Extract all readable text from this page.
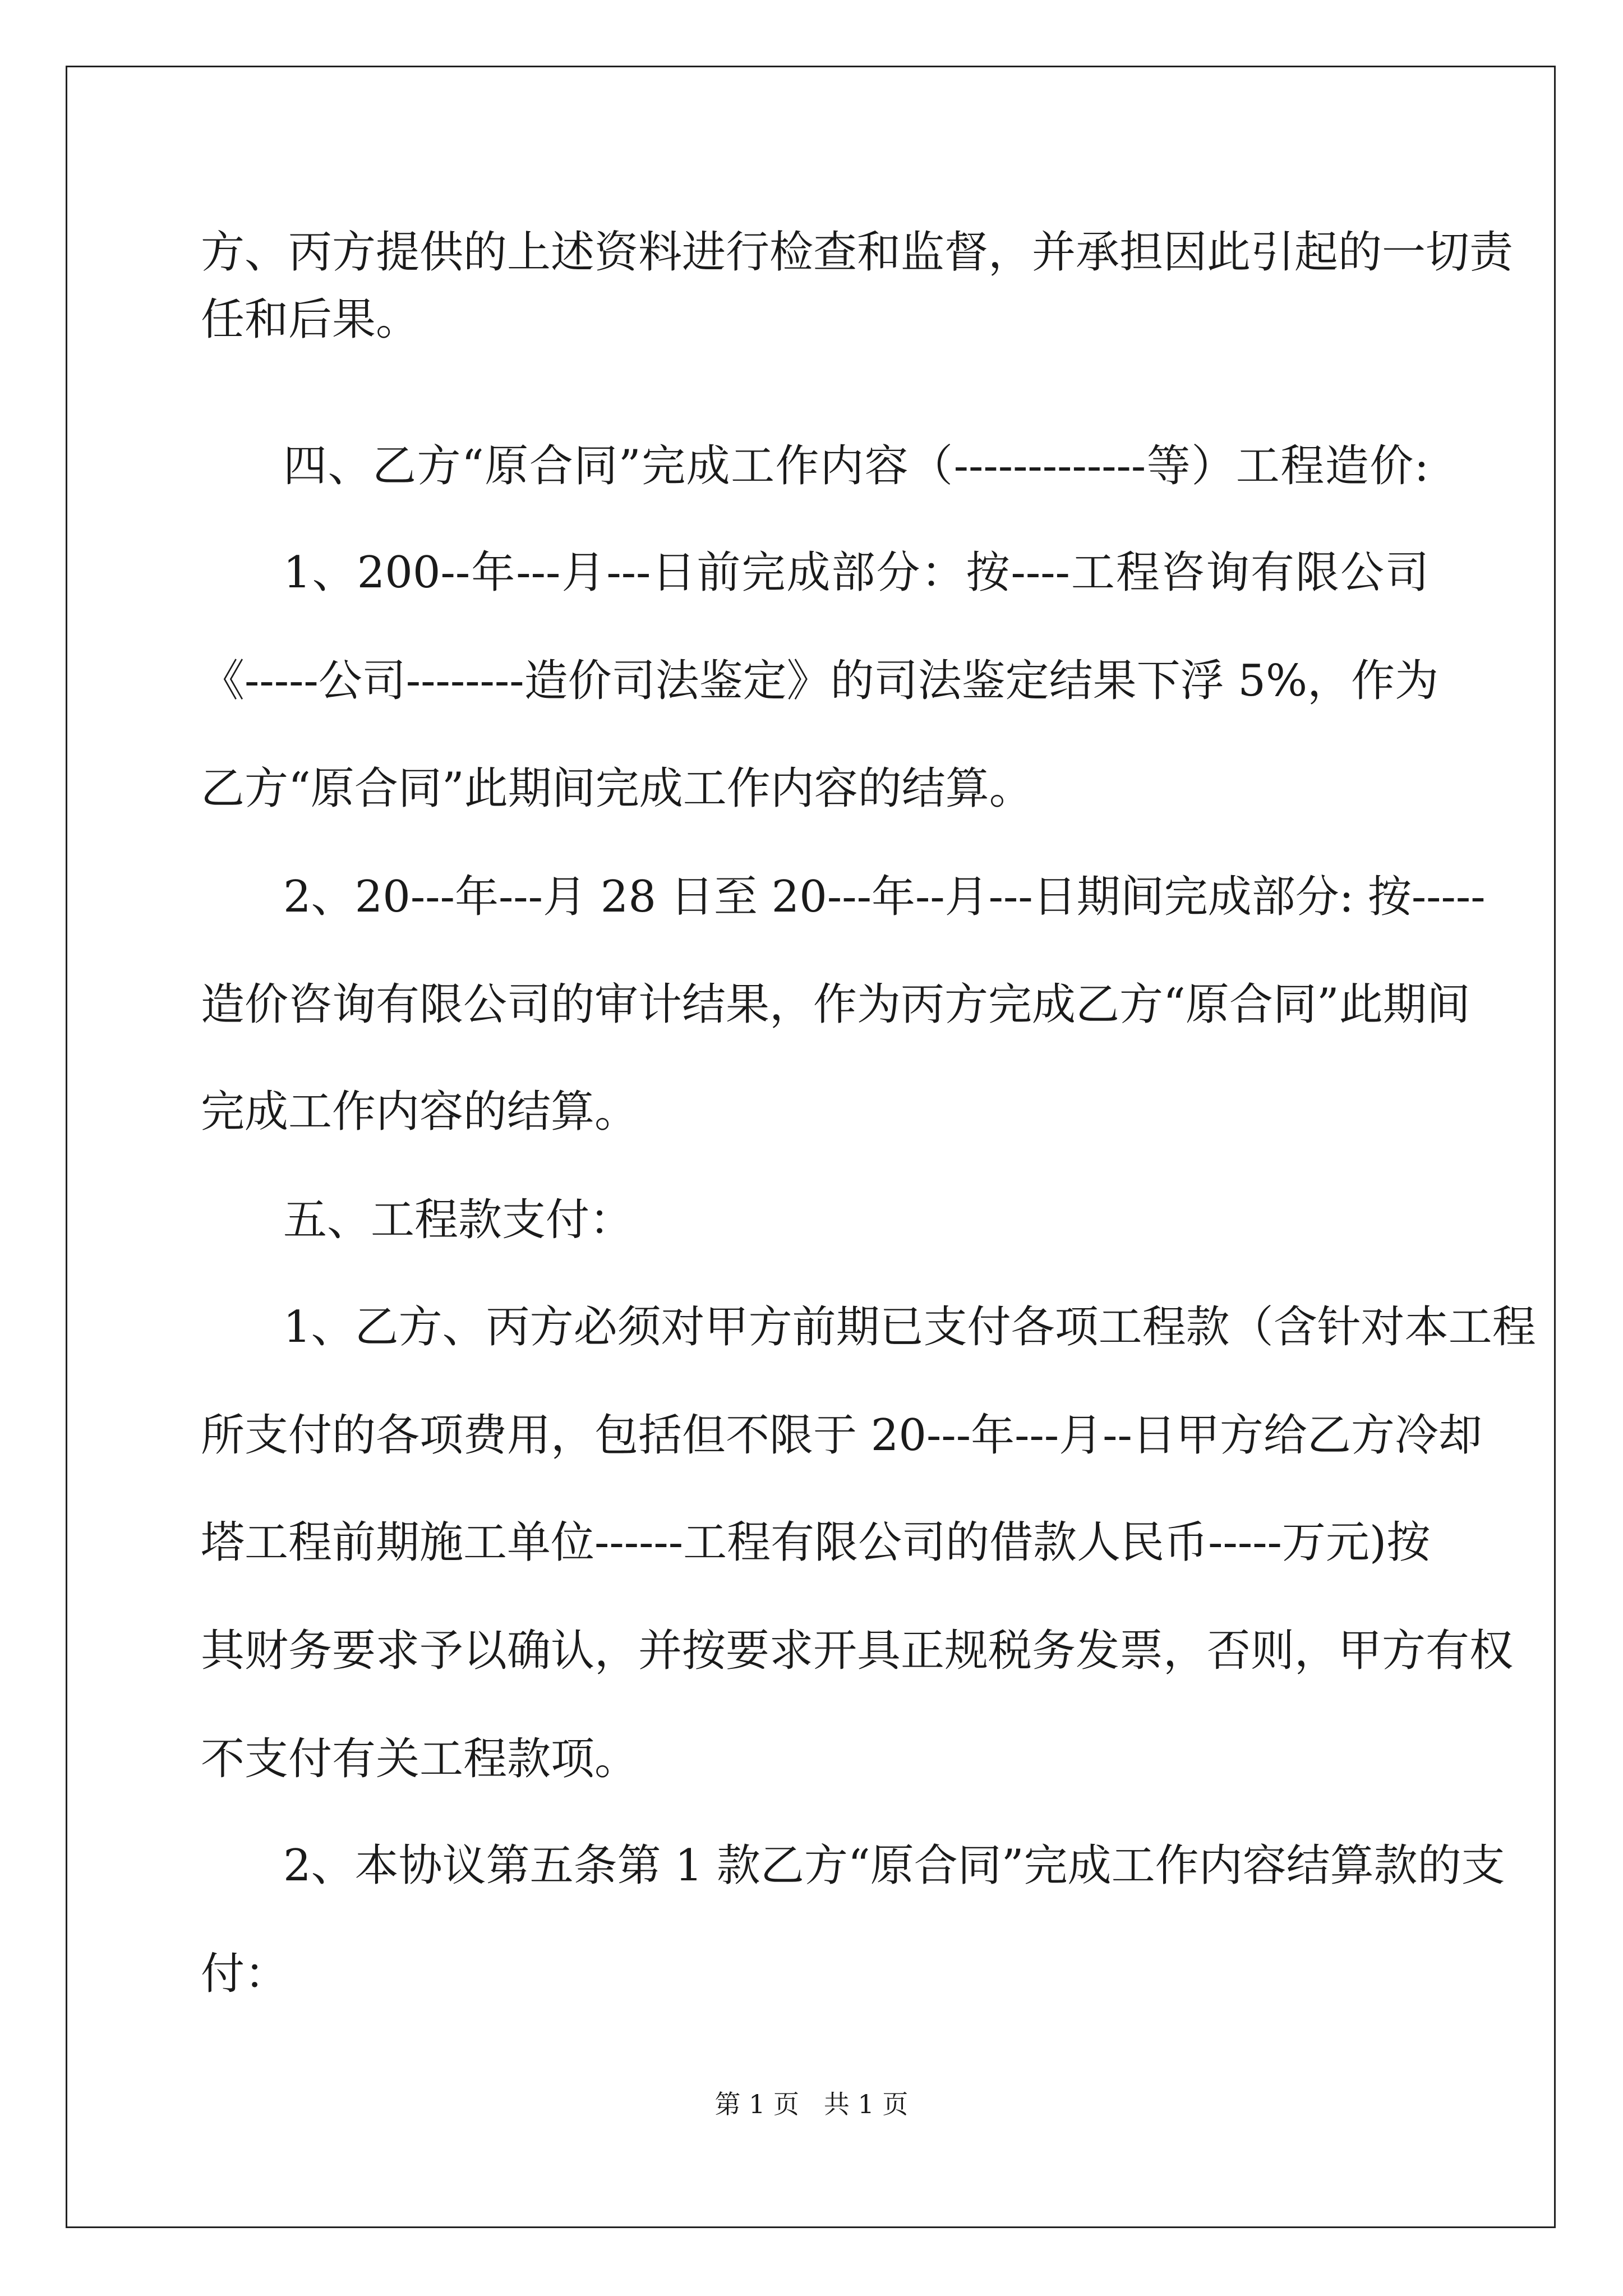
方、丙方提供的上述资料进行检查和监督，并承担因此引起的一切责
任和后果。
四、乙方“原合同”完成工作内容（-------------等）工程造价:
1、200--年---月---日前完成部分：按----工程咨询有限公司
《-----公司--------造价司法鉴定》的司法鉴定结果下浮 5%，作为
乙方“原合同”此期间完成工作内容的结算。
2、20---年---月 28 日至 20---年--月---日期间完成部分: 按-----
造价咨询有限公司的审计结果，作为丙方完成乙方“原合同”此期间
完成工作内容的结算。
五、工程款支付：
1、乙方、丙方必须对甲方前期已支付各项工程款（含针对本工程
所支付的各项费用，包括但不限于 20---年---月--日甲方给乙方冷却
塔工程前期施工单位------工程有限公司的借款人民币-----万元)按
其财务要求予以确认，并按要求开具正规税务发票，否则，甲方有权
不支付有关工程款项。
2、本协议第五条第 1 款乙方“原合同”完成工作内容结算款的支
付：
第 1 页   共 1 页
